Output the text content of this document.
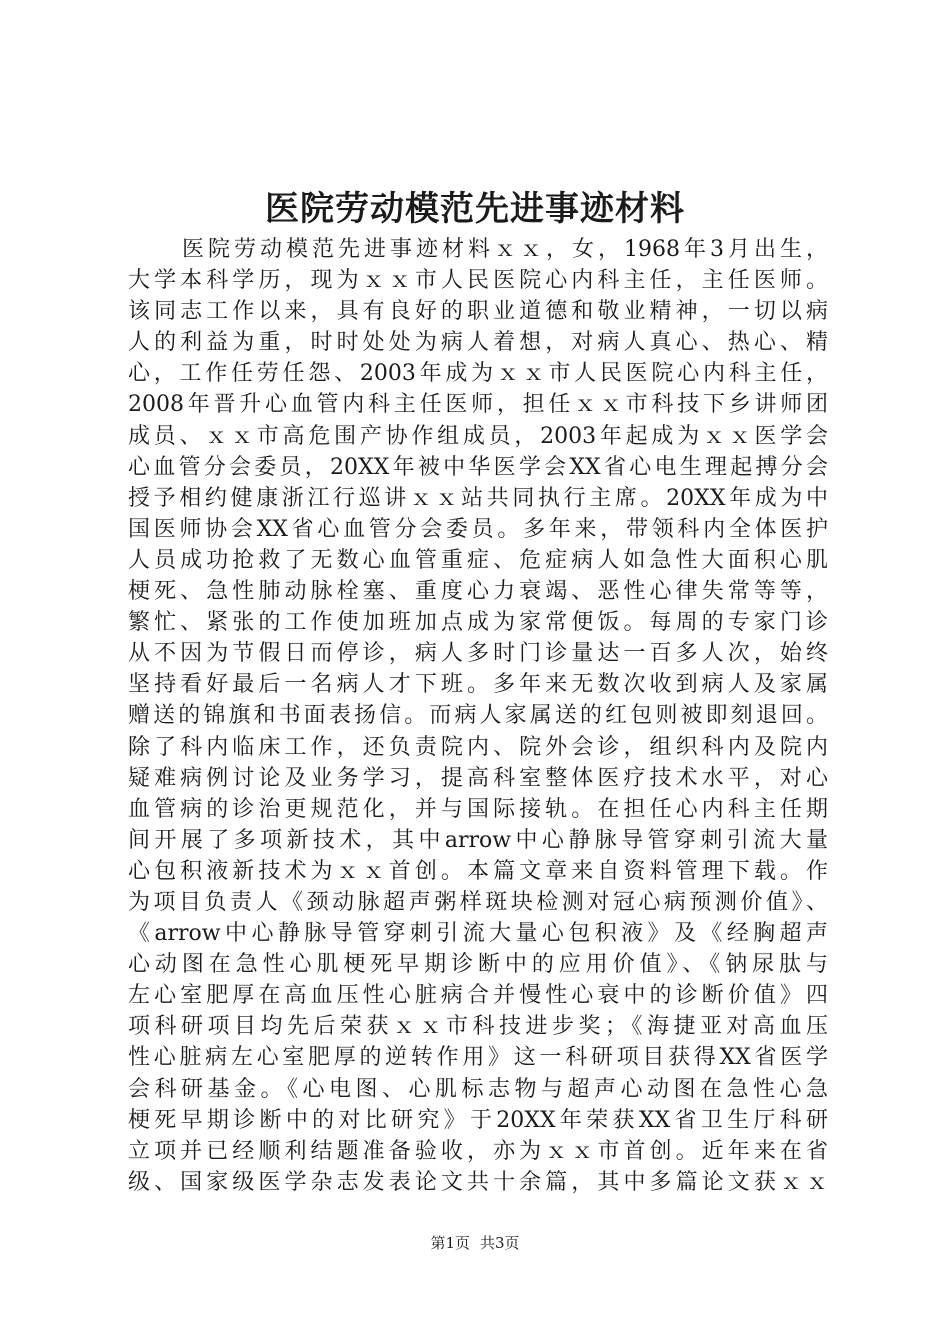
医院劳动模范先进事迹材料
医院劳动模范先进事迹材料ｘｘ，女，1968年3月出生，
大学本科学历，现为ｘｘ市人民医院心内科主任，主任医师。
该同志工作以来，具有良好的职业道德和敬业精神，一切以病
人的利益为重，时时处处为病人着想，对病人真心、热心、精
心，工作任劳任怨、2003年成为ｘｘ市人民医院心内科主任，
2008年晋升心血管内科主任医师，担任ｘｘ市科技下乡讲师团
成员、ｘｘ市高危围产协作组成员，2003年起成为ｘｘ医学会
心血管分会委员，20XX年被中华医学会XX省心电生理起搏分会
授予相约健康浙江行巡讲ｘｘ站共同执行主席。20XX年成为中
国医师协会XX省心血管分会委员。多年来，带领科内全体医护
人员成功抢救了无数心血管重症、危症病人如急性大面积心肌
梗死、急性肺动脉栓塞、重度心力衰竭、恶性心律失常等等，
繁忙、紧张的工作使加班加点成为家常便饭。每周的专家门诊
从不因为节假日而停诊，病人多时门诊量达一百多人次，始终
坚持看好最后一名病人才下班。多年来无数次收到病人及家属
赠送的锦旗和书面表扬信。而病人家属送的红包则被即刻退回。
除了科内临床工作，还负责院内、院外会诊，组织科内及院内
疑难病例讨论及业务学习，提高科室整体医疗技术水平，对心
血管病的诊治更规范化，并与国际接轨。在担任心内科主任期
间开展了多项新技术，其中arrow中心静脉导管穿刺引流大量
心包积液新技术为ｘｘ首创。本篇文章来自资料管理下载。作
为项目负责人《颈动脉超声粥样斑块检测对冠心病预测价值》、
《arrow中心静脉导管穿刺引流大量心包积液》及《经胸超声
心动图在急性心肌梗死早期诊断中的应用价值》、《钠尿肽与
左心室肥厚在高血压性心脏病合并慢性心衰中的诊断价值》四
项科研项目均先后荣获ｘｘ市科技进步奖；《海捷亚对高血压
性心脏病左心室肥厚的逆转作用》这一科研项目获得XX省医学
会科研基金。《心电图、心肌标志物与超声心动图在急性心急
梗死早期诊断中的对比研究》于20XX年荣获XX省卫生厅科研
立项并已经顺利结题准备验收，亦为ｘｘ市首创。近年来在省
级、国家级医学杂志发表论文共十余篇，其中多篇论文获ｘｘ
第1页 共3页
